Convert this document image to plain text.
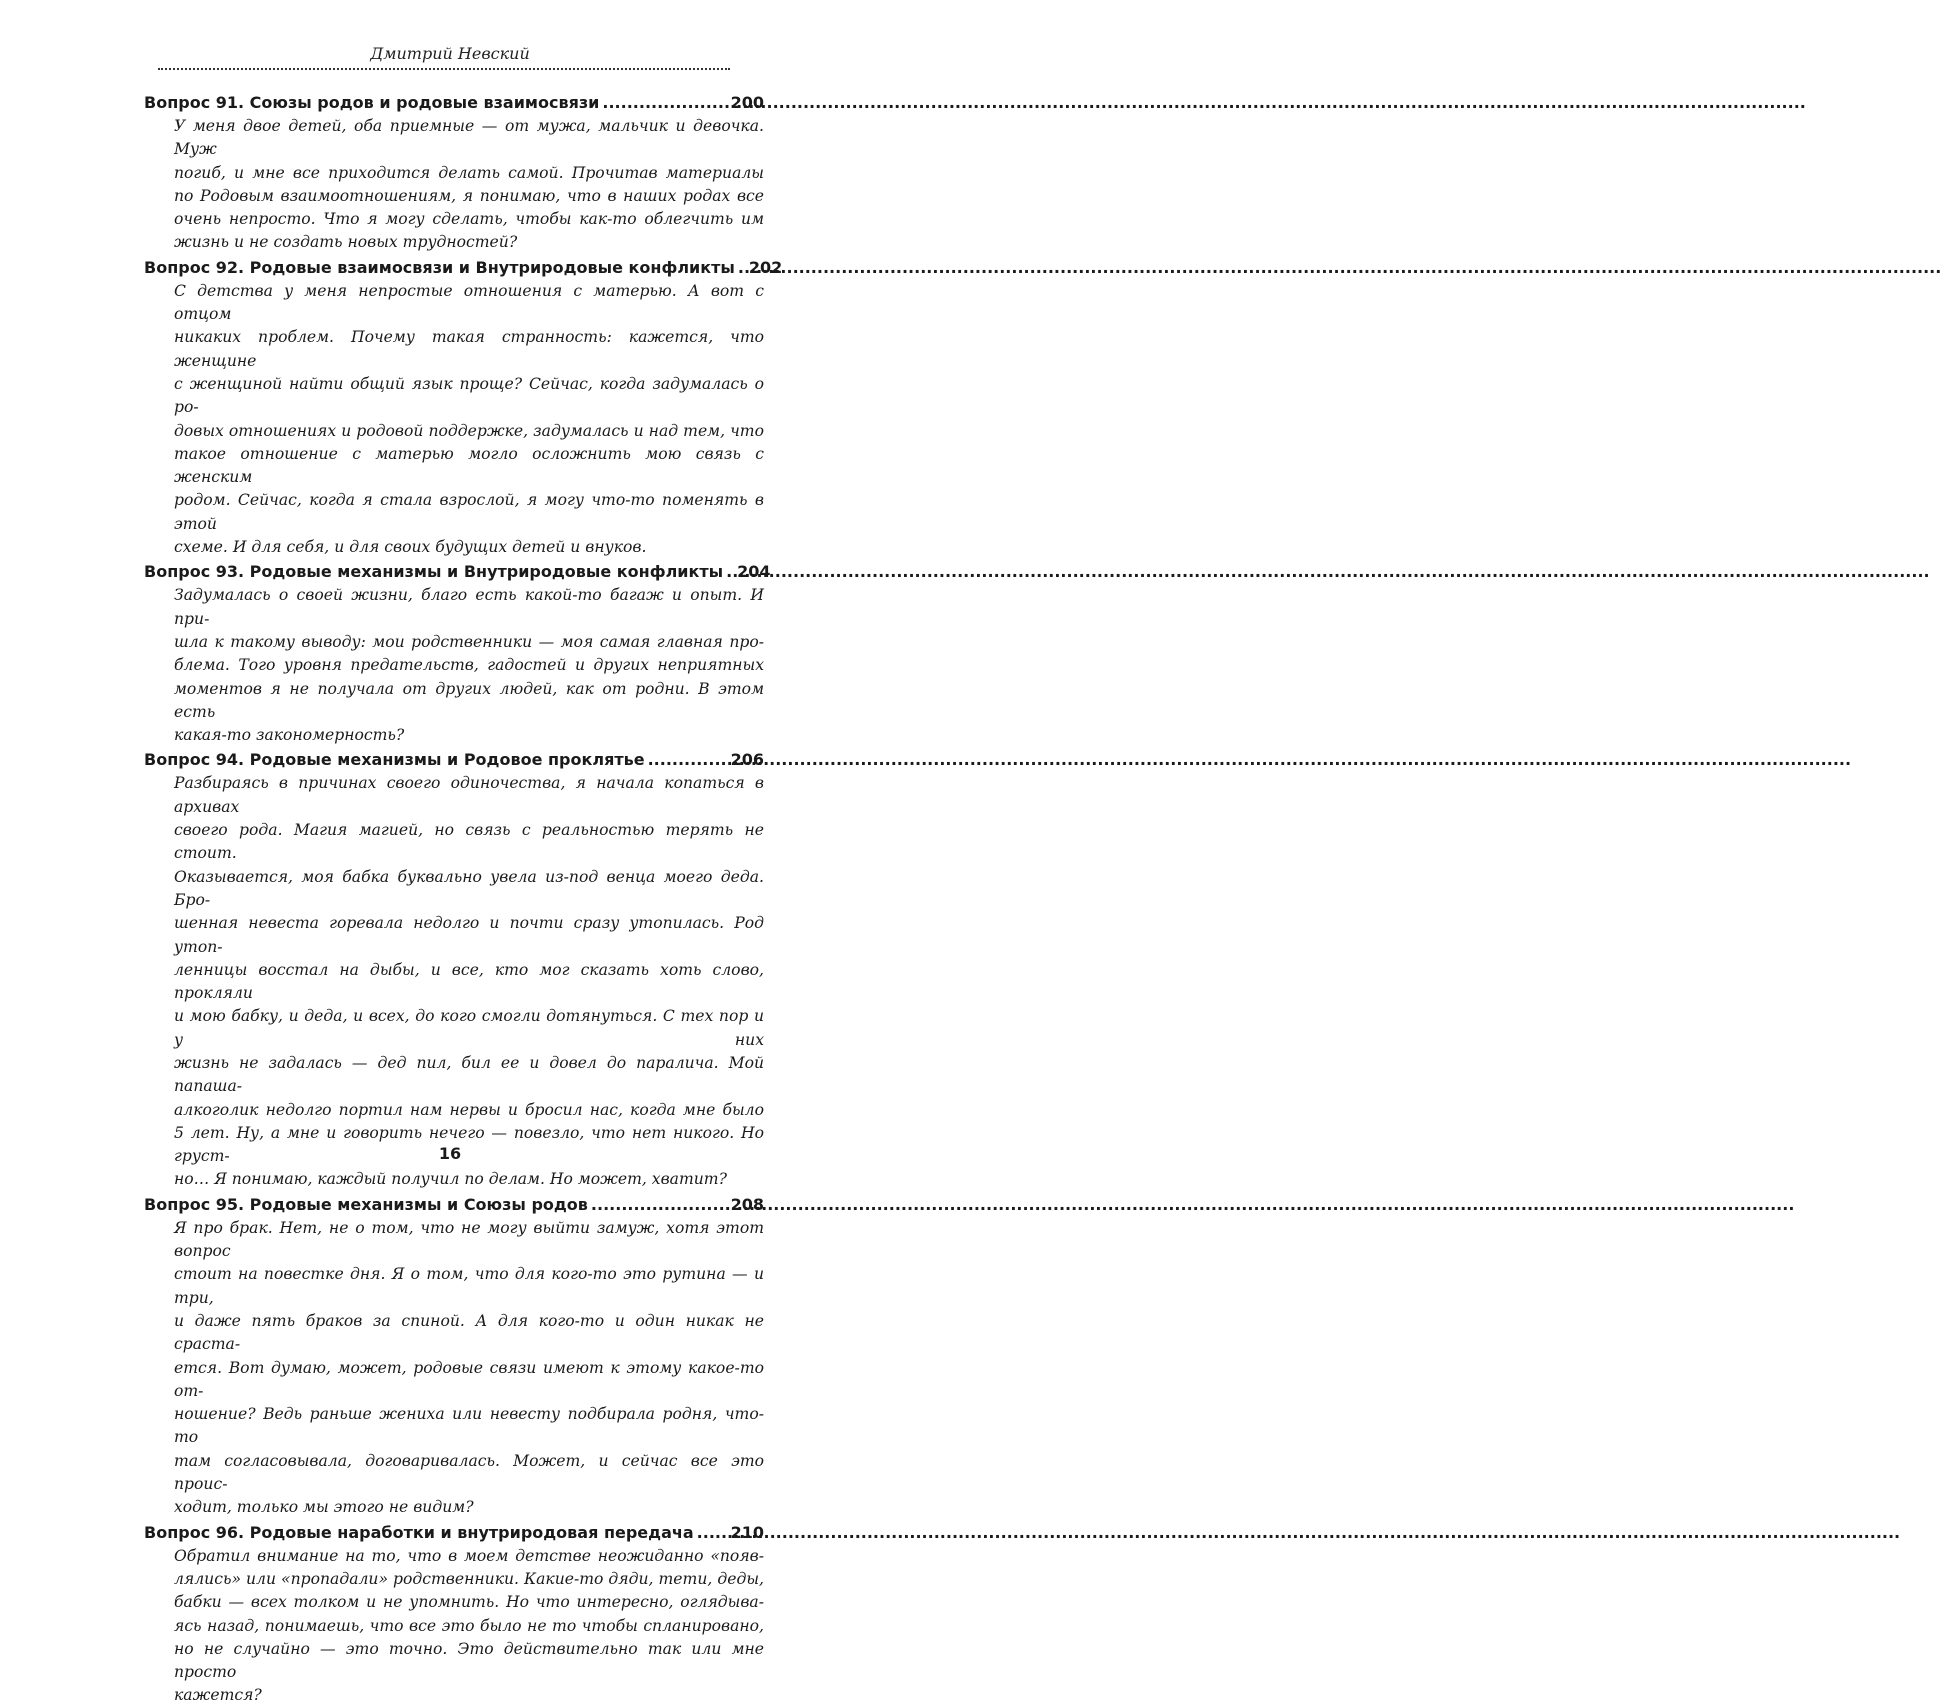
Дмитрий Невский
Вопрос 91. Союзы родов и родовые взаимосвязи .....	200
У меня двое детей, оба приемные — от мужа, мальчик и девочка. Муж
погиб, и мне все приходится делать самой. Прочитав материалы
по Родовым взаимоотношениям, я понимаю, что в наших родах все
очень непросто. Что я могу сделать, чтобы как-то облегчить им
жизнь и не создать новых трудностей?
Вопрос 92. Родовые взаимосвязи и Внутриродовые конфликты ..... 202
С детства у меня непростые отношения с матерью. А вот с отцом
никаких проблем. Почему такая странность: кажется, что женщине
с женщиной найти общий язык проще? Сейчас, когда задумалась о ро-
довых отношениях и родовой поддержке, задумалась и над тем, что
такое отношение с матерью могло осложнить мою связь с женским
родом. Сейчас, когда я стала взрослой, я могу что-то поменять в этой
схеме. И для себя, и для своих будущих детей и внуков.
Вопрос 93. Родовые механизмы и Внутриродовые конфликты ..... 204
Задумалась о своей жизни, благо есть какой-то багаж и опыт. И при-
шла к такому выводу: мои родственники — моя самая главная про-
блема. Того уровня предательств, гадостей и других неприятных
моментов я не получала от других людей, как от родни. В этом есть
какая-то закономерность?
Вопрос 94. Родовые механизмы и Родовое проклятье .....	206
Разбираясь в причинах своего одиночества, я начала копаться в архивах
своего рода. Магия магией, но связь с реальностью терять не стоит.
Оказывается, моя бабка буквально увела из-под венца моего деда. Бро-
шенная невеста горевала недолго и почти сразу утопилась. Род утоп-
ленницы восстал на дыбы, и все, кто мог сказать хоть слово, прокляли
и мою бабку, и деда, и всех, до кого смогли дотянуться. С тех пор и у них
жизнь не задалась — дед пил, бил ее и довел до паралича. Мой папаша-
алкоголик недолго портил нам нервы и бросил нас, когда мне было
5 лет. Ну, а мне и говорить нечего — повезло, что нет никого. Но груст-
но… Я понимаю, каждый получил по делам. Но может, хватит?
Вопрос 95. Родовые механизмы и Союзы родов .....	208
Я про брак. Нет, не о том, что не могу выйти замуж, хотя этот вопрос
стоит на повестке дня. Я о том, что для кого-то это рутина — и три,
и даже пять браков за спиной. А для кого-то и один никак не сраста-
ется. Вот думаю, может, родовые связи имеют к этому какое-то от-
ношение? Ведь раньше жениха или невесту подбирала родня, что-то
там согласовывала, договаривалась. Может, и сейчас все это проис-
ходит, только мы этого не видим?
Вопрос 96. Родовые наработки и внутриродовая передача ..... 210
Обратил внимание на то, что в моем детстве неожиданно «появ-
лялись» или «пропадали» родственники. Какие-то дяди, тети, деды,
бабки — всех толком и не упомнить. Но что интересно, оглядыва-
ясь назад, понимаешь, что все это было не то чтобы спланировано,
но не случайно — это точно. Это действительно так или мне просто
кажется?
16
